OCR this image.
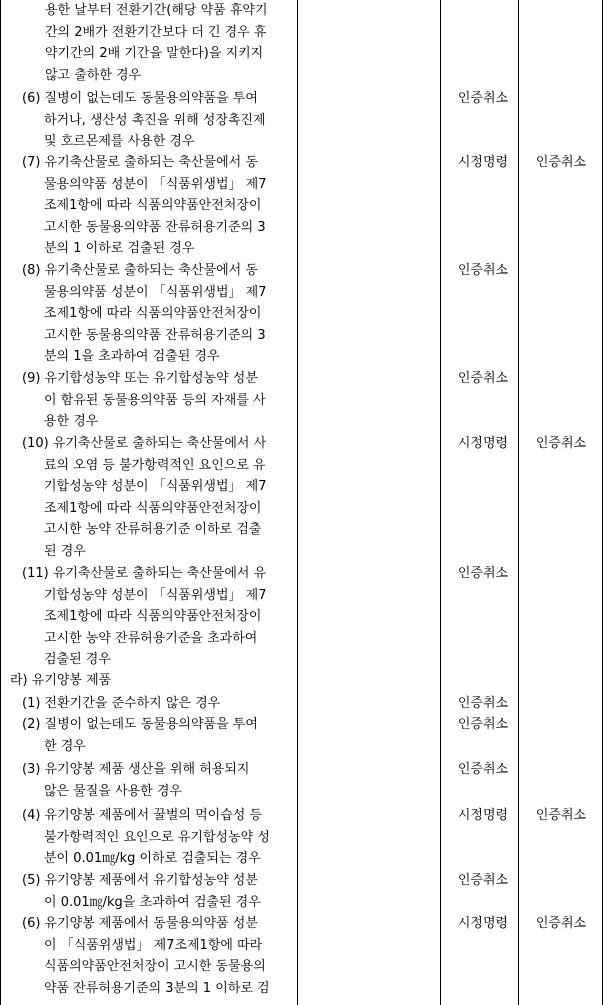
용한 날부터 전환기간(해당 약품 휴약기
간의 2배가 전환기간보다 더 긴 경우 휴
약기간의 2배 기간을 말한다)을 지키지
않고 출하한 경우
(6) 질병이 없는데도 동물용의약품을 투여
하거나, 생산성 촉진을 위해 성장촉진제
및 호르몬제를 사용한 경우
인증취소
(7) 유기축산물로 출하되는 축산물에서 동
물용의약품 성분이 「식품위생법」 제7
조제1항에 따라 식품의약품안전처장이
고시한 동물용의약품 잔류허용기준의 3
분의 1 이하로 검출된 경우
시정명령	인증취소
(8) 유기축산물로 출하되는 축산물에서 동
물용의약품 성분이 「식품위생법」 제7
조제1항에 따라 식품의약품안전처장이
고시한 동물용의약품 잔류허용기준의 3
분의 1을 초과하여 검출된 경우
인증취소
(9) 유기합성농약 또는 유기합성농약 성분
이 함유된 동물용의약품 등의 자재를 사
용한 경우
인증취소
(10) 유기축산물로 출하되는 축산물에서 사
료의 오염 등 불가항력적인 요인으로 유
기합성농약 성분이 「식품위생법」 제7
조제1항에 따라 식품의약품안전처장이
고시한 농약 잔류허용기준 이하로 검출
된 경우
시정명령	인증취소
(11) 유기축산물로 출하되는 축산물에서 유
기합성농약 성분이 「식품위생법」 제7
조제1항에 따라 식품의약품안전처장이
고시한 농약 잔류허용기준을 초과하여
검출된 경우
인증취소
라) 유기양봉 제품
(1) 전환기간을 준수하지 않은 경우	인증취소
(2) 질병이 없는데도 동물용의약품을 투여
한 경우
인증취소
(3) 유기양봉 제품 생산을 위해 허용되지
않은 물질을 사용한 경우
인증취소
(4) 유기양봉 제품에서 꿀벌의 먹이습성 등
불가항력적인 요인으로 유기합성농약 성
분이 0.01㎎/kg 이하로 검출되는 경우
시정명령	인증취소
(5) 유기양봉 제품에서 유기합성농약 성분
이 0.01㎎/kg을 초과하여 검출된 경우
인증취소
(6) 유기양봉 제품에서 동물용의약품 성분
이 「식품위생법」 제7조제1항에 따라
식품의약품안전처장이 고시한 동물용의
약품 잔류허용기준의 3분의 1 이하로 검
시정명령	인증취소
